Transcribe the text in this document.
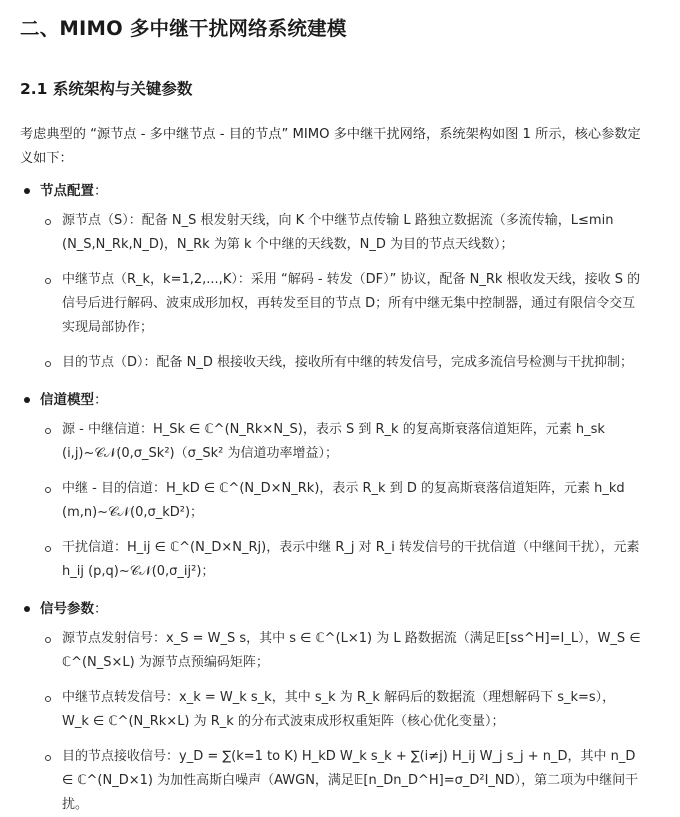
二、MIMO 多中继干扰网络系统建模
2.1 系统架构与关键参数

考虑典型的 “源节点 - 多中继节点 - 目的节点” MIMO 多中继干扰网络，系统架构如图 1 所示，核心参数定义如下：

节点配置 ：
源节点（S）：配备 N_S 根发射天线，向 K 个中继节点传输 L 路独立数据流（多流传输，L≤min (N_S,N_Rk,N_D)，N_Rk 为第 k 个中继的天线数，N_D 为目的节点天线数）；
中继节点（R_k，k=1,2,...,K）：采用 “解码 - 转发（DF）” 协议，配备 N_Rk 根收发天线，接收 S 的信号后进行解码、波束成形加权，再转发至目的节点 D；所有中继无集中控制器，通过有限信令交互实现局部协作；
目的节点（D）：配备 N_D 根接收天线，接收所有中继的转发信号，完成多流信号检测与干扰抑制；
信道模型 ：
源 - 中继信道：H_Sk ∈ ℂ^(N_Rk×N_S)，表示 S 到 R_k 的复高斯衰落信道矩阵，元素 h_sk (i,j)~𝒞𝒩(0,σ_Sk²)（σ_Sk² 为信道功率增益）；
中继 - 目的信道：H_kD ∈ ℂ^(N_D×N_Rk)，表示 R_k 到 D 的复高斯衰落信道矩阵，元素 h_kd (m,n)~𝒞𝒩(0,σ_kD²)；
干扰信道：H_ij ∈ ℂ^(N_D×N_Rj)，表示中继 R_j 对 R_i 转发信号的干扰信道（中继间干扰），元素 h_ij (p,q)~𝒞𝒩(0,σ_ij²)；
信号参数 ：
源节点发射信号：x_S = W_S s，其中 s ∈ ℂ^(L×1) 为 L 路数据流（满足𝔼[ss^H]=I_L），W_S ∈ ℂ^(N_S×L) 为源节点预编码矩阵；
中继节点转发信号：x_k = W_k s_k，其中 s_k 为 R_k 解码后的数据流（理想解码下 s_k=s），W_k ∈ ℂ^(N_Rk×L) 为 R_k 的分布式波束成形权重矩阵（核心优化变量）；
目的节点接收信号：y_D = ∑(k=1 to K) H_kD W_k s_k + ∑(i≠j) H_ij W_j s_j + n_D，其中 n_D ∈ ℂ^(N_D×1) 为加性高斯白噪声（AWGN，满足𝔼[n_Dn_D^H]=σ_D²I_ND），第二项为中继间干扰。
